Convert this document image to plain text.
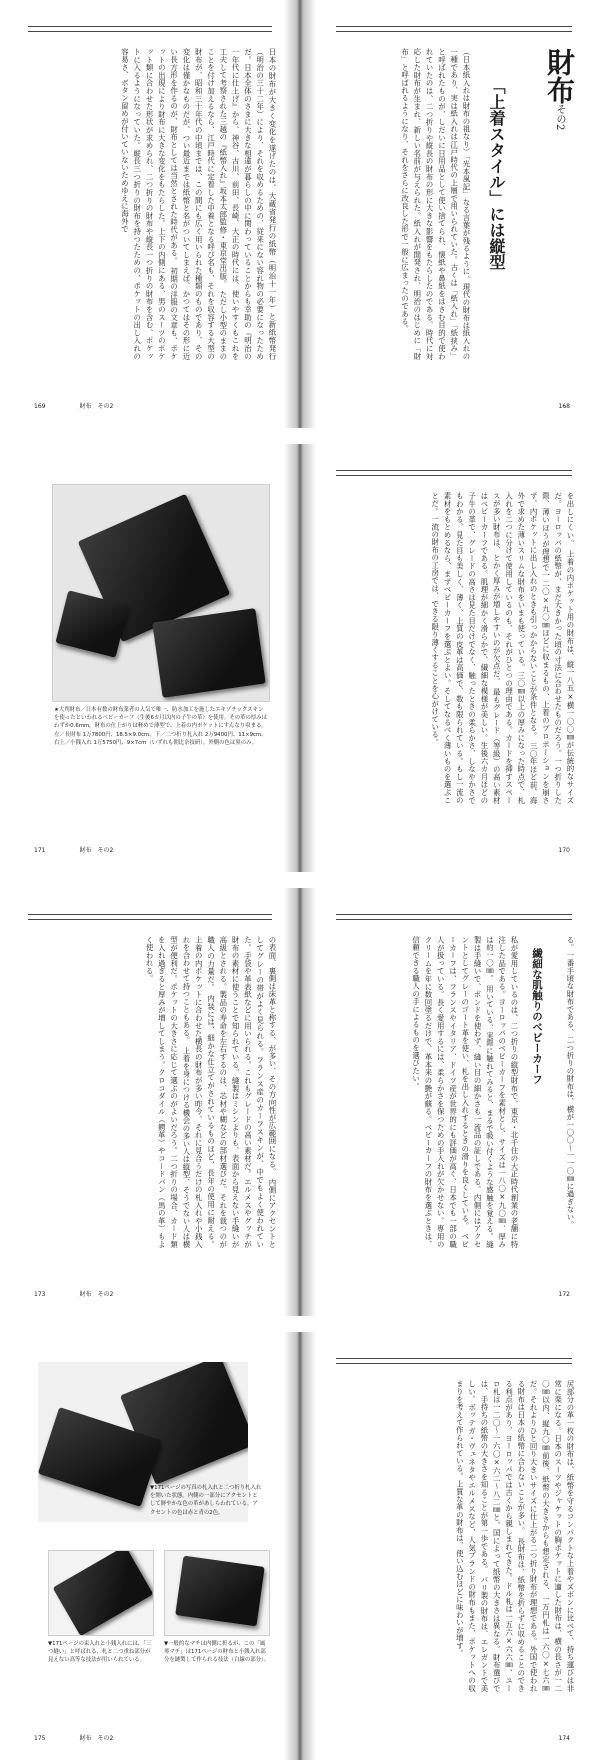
日本の財布が大きく変化を遂げたのは、大蔵省発行の紙幣（明治十一年）と新紙幣発行（明治の三十二年）により、それを収めるための、従来にない容れ物の必要になったためだ。日本全体のさまに大きな相違が暮らしの中に関わっていることからも幸助の『明治の一年代に仕上げ』から、神谷、古川、前田、長崎、大正の時代には、使いやすくもこれを工夫して考察された三越の『紙幣入れ』坂本太郎監修・東京堂出版。 ただし小型のままのことを付け加えるなら、江戸時代に定着した中着となる呼び名も、それを収容する大型の財布が、昭和三十年代の中頃までは、この間にも広く用いられた種類のものであり、その変化は僅かなものだが、つい最近までは紙幣と名がついてしまえば、かつてはその形に近い長方形を作るのが、財布としては当然とされた時代がある。 初期の洋服の文章も、ポケットの出現により財布に大きな変化をもたらした。上下の内側にある、男のスーツのポケット類に合わせた形状が求められ、二つ折りの財布や縦長一つ折りの財布を含む、ポケットに入るようになっていた。縦長三つ折りの財布を持つたための、ポケットの出し入れの容易さ、ボタン留めが付いていないためゆえに海外で
169	財布　その2
財布その2
「上着スタイル」には縦型
（日本紙入れは財布の祖なり）「光本風記」なる言葉が残るように、現代の財布は紙入れの一種であり、実は紙入れは江戸時代の上層で用いられていた。古くは「紙入れ」「紙挟み」と呼ばれたものが、しだいに日用品として使い捨てられ、懐紙や鼻紙をはさむ目的で使われていたのは、二つ折りや縦長の財布の形に大きな影響をもたらしたのである。時代に対応した財布が生まれ、新しい名前が与えられた。紙入れが開発され、明治のはじめに「財布」と呼ばれるようになり、それをさらに改良した形で一般に広まったのである。
168
★大判財布／日本有数の財布業者の人気で唯一、防水加工を施したエキゾチックスキンを使ったといわれるベビーカーフ（生後6カ月以内の子牛の革）を使用。その革の厚みはわずか0.6mm。財布の仕上がりは軽めで薄型で、上着の内ポケットにすんなり収まる。左／長財布 1万7800円、18.5×9.0cm、下／二つ折り札入れ 2万9400円、11×9cm、右上／小銭入れ 1万5750円、9×7cm（いずれも朝比奈技研）。外側の色は黒のみ。
171	財布　その2
を出しにくい。 上着の内ポケット用の財布は、縦一八五×横一〇〇㎜が伝統的なサイズだ。ヨーロッパの紙幣が、まだ大きかった頃の寸法に合わせたものだろう。一つ折りした際、薄いほうが理想で一二〇×九〇㎜ほどに収まるもの、上着のプロポーションを崩さず、内ポケットに出し入れのときも引っかからないことが条件となる。 三〇年ほど前、海外で求めた薄いスリムな財布をいまも使っている。三〇㎜以上の厚みになった時点で、札入れを二つに分けて使用しているのも、それがひとつの理由である。カードを挿すスペースが多い財布は、とかく厚みが増しやすいのが欠点だ。 最もグレード（等級）の高い素材はベビーカーフである。肌理が細かく滑らかで、繊細な模様が美しい。生後六カ月ほどの子牛の革で、グレードの高さは見た目だけでなく、触ったときの柔らかさ、しなやかさでもわかる。見た目も美しく、薄く、上質の皮革は高価で、数も限られている。もし一流の素材をもとめるなら、まずベビーカーフを選ぶとよい。そしてなるべく薄いものを選ぶことだ。一流の財布の工房では、できる限り薄くすることを心がけている。
170
の表面、裏側は床革と称する、が多い、その方向性が広範囲になる。 内側にアクセントとしてグレーの帯がよく見られる。フランス産のカーフスキンが、中でもよく使われていた。手袋や革表紙などに用いられる。これもグレードの高い素材だ。エルメスやグッチが財布の素材に使うことで知られている。縫製はミシンよりも、表面から見えない手縫いが高級とされる。製品の寿命を左右するのは、芯材や糊などの部材選びだ。それを裁つのが職人の力量だ。 内装には、細かな仕立てがされているものほど、長年の使用に耐える。 上着の内ポケットに合わせた横長の財布が多い昨今、それに見合うだけの札入れや小銭入れを合わせて持つこともある。 上着を身につける機会の多い人は縦型、そうでない人は横型が便利だ。ポケットの大きさに応じて選ぶのがよいだろう。二つ折りの場合、カード類を入れ過ぎると厚みが増してしまう。クロコダイル（鰐革）やコードバン（馬の革）もよく使われる。
173	財布　その2
る。一番手頃な財布である、二つ折りの財布は、横が一〇〇〜一一〇㎜に過ぎない。
繊細な肌触りのベビーカーフ
私が愛用しているのは、二つ折りの縦型財布で、東京・北千住の大正時代創業の老舗に特注した品である。ヨーロッパのベビーカーフを素材とし、サイズは一八〇×九〇㎜、厚みは約一〇㎜。 用いている、実際に触れてみると、まるで吸い付くような感触を覚える。縫製は手縫いで、ボンドを使わず、縫い目の細かさも一流品の証しである。内側にはアクセントとしてグレーのゴート革を使い、札を出し入れするときの滑りを良くしている。 ベビーカーフは、フランスやイタリア、ドイツ産が世界的にも評価が高く、日本でも一部の職人が扱っている。長く愛用するには、柔らかさを保つための手入れが欠かせない。専用のクリームを年に数回塗るだけで、革本来の艶が蘇る。ベビーカーフの財布を選ぶときは、信頼できる職人の手によるものを選びたい。
172
▼171ページの写真の札入れと二つ折り札入れを開いた状態。内側の一部分にアクセントとして鮮やかな色の革があしらわれている。アクセントの色は赤と青の2色。
▼171ページの束入れと小銭入れには、「三つ縫い」と呼ばれる、札と二つ重ね部分が見えない高等な技法が用いられている。
▼一般的なマチは内側に折るが、この「風琴マチ」は171ページの財布と小銭入れ部分を縫製して作られる技法（白線の部分）。
175	財布　その2
尻部分の革一枚の財布は、紙幣を守るコンパクトな上着やズボンに比べて、持ち運びは非常に楽になる。日本のスーツやジャケットの胸ポケットに適した財布は、横の長さが一二〇㎜以内、縦九〇㎜前後、紙幣の大きさからも想定される、一万円札は一六〇×七六㎜だ。それよりひと回り大きいサイズに仕上がる二つ折り財布が理想である。外国で使われる財布は日本の紙幣に合わないことが多い。 長財布は、紙幣を折らずに収めることのできる利点があり、ヨーロッパでは古くから親しまれてきた。ドル札は一五六×六六㎜、ユーロ札は一二〇〜一六〇×六二〜八二㎜と、国によって紙幣の大きさは異なる。財布選びでは、手持ちの紙幣の大きさを知ることが第一歩である。 パリ製の財布は、エレガントで美しい。ボッテガ・ヴェネタやエルメスなど、人気ブランドの財布もまた、ポケットへの収まりを考えて作られている。上質な革の財布は、使い込むほどに味わいが増す。
174
